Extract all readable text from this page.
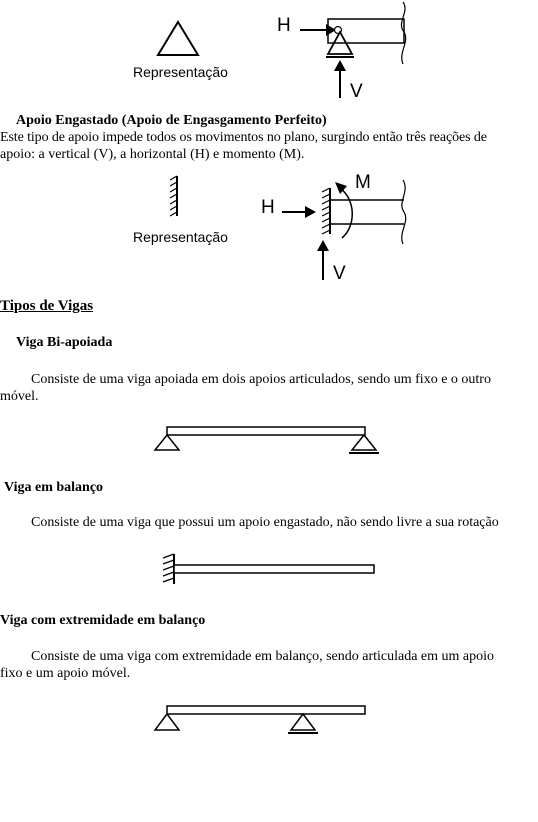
Representação
H
V
Apoio Engastado (Apoio de Engasgamento Perfeito)
Este tipo de apoio impede todos os movimentos no plano, surgindo então três reações de
apoio: a vertical (V), a horizontal (H) e momento (M).
Representação
H
M
V
Tipos de Vigas
Viga Bi-apoiada
Consiste de uma viga apoiada em dois apoios articulados, sendo um fixo e o outro
móvel.
Viga em balanço
Consiste de uma viga que possui um apoio engastado, não sendo livre a sua rotação
Viga com extremidade em balanço
Consiste de uma viga com extremidade em balanço, sendo articulada em um apoio
fixo e um apoio móvel.
